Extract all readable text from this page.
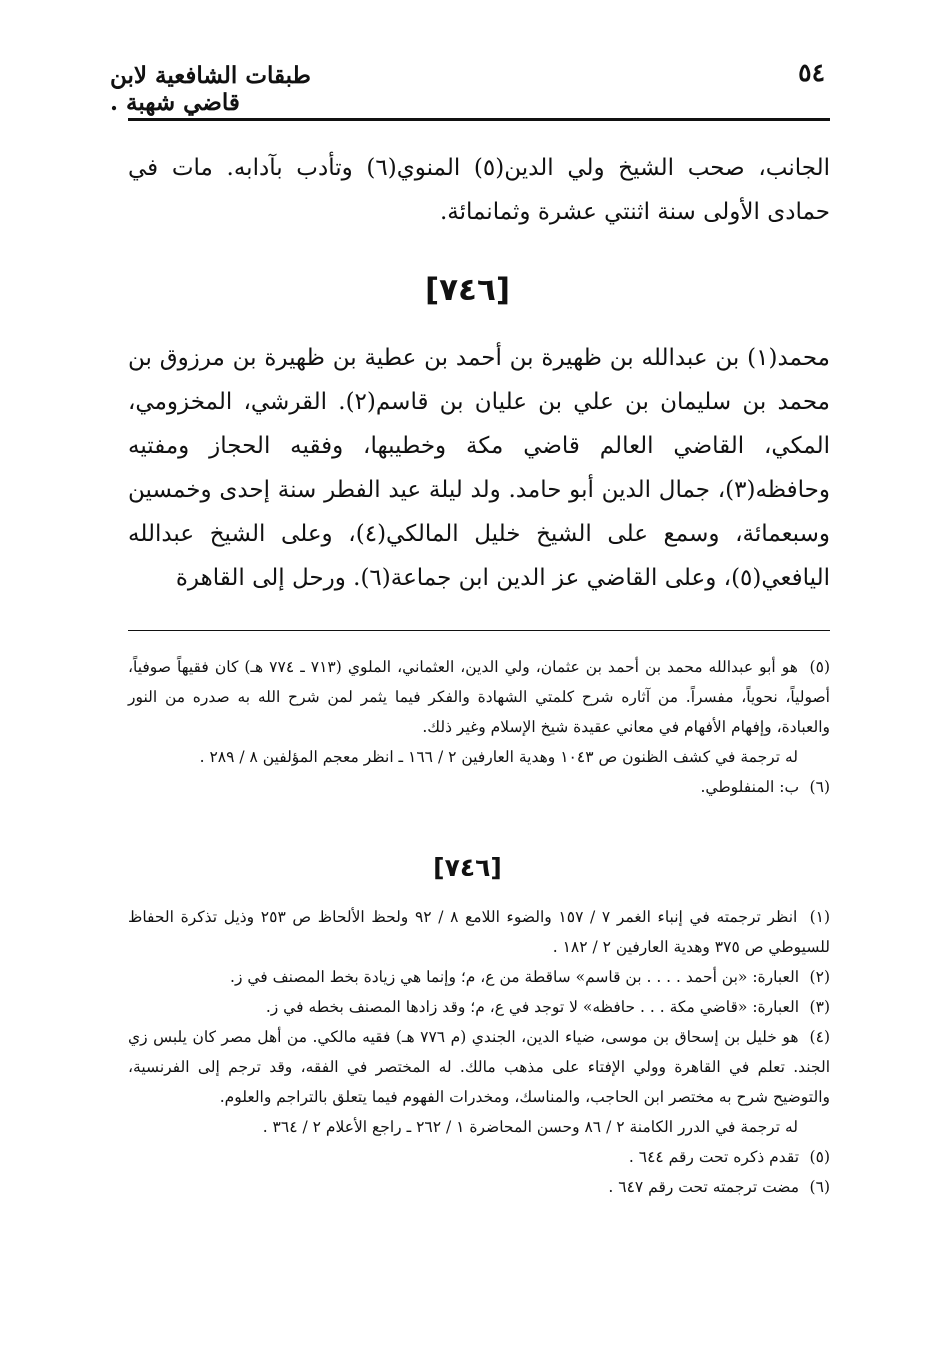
٥٤
طبقات الشافعية لابن قاضي شهبة .

الجانب، صحب الشيخ ولي الدين(٥) المنوي(٦) وتأدب بآدابه. مات في حمادى الأولى سنة اثنتي عشرة وثمانمائة.

[٧٤٦]

محمد(١) بن عبدالله بن ظهيرة بن أحمد بن عطية بن ظهيرة بن مرزوق بن محمد بن سليمان بن علي بن عليان بن قاسم(٢). القرشي، المخزومي، المكي، القاضي العالم قاضي مكة وخطيبها، وفقيه الحجاز ومفتيه وحافظه(٣)، جمال الدين أبو حامد. ولد ليلة عيد الفطر سنة إحدى وخمسين وسبعمائة، وسمع على الشيخ خليل المالكي(٤)، وعلى الشيخ عبدالله اليافعي(٥)، وعلى القاضي عز الدين ابن جماعة(٦). ورحل إلى القاهرة

(٥) هو أبو عبدالله محمد بن أحمد بن عثمان، ولي الدين، العثماني، الملوي (٧١٣ ـ ٧٧٤ هـ) كان فقيهاً صوفياً، أصولياً، نحوياً، مفسراً. من آثاره شرح كلمتي الشهادة والفكر فيما يثمر لمن شرح الله به صدره من النور والعبادة، وإفهام الأفهام في معاني عقيدة شيخ الإسلام وغير ذلك.
له ترجمة في كشف الظنون ص ١٠٤٣ وهدية العارفين ٢ / ١٦٦ ـ انظر معجم المؤلفين ٨ / ٢٨٩ .
(٦) ب: المنفلوطي.
[٧٤٦]
(١) انظر ترجمته في إنباء الغمر ٧ / ١٥٧ والضوء اللامع ٨ / ٩٢ ولحظ الألحاظ ص ٢٥٣ وذيل تذكرة الحفاظ للسيوطي ص ٣٧٥ وهدية العارفين ٢ / ١٨٢ .
(٢) العبارة: «بن أحمد . . . . بن قاسم» ساقطة من ع، م؛ وإنما هي زيادة بخط المصنف في ز.
(٣) العبارة: «قاضي مكة . . . حافظه» لا توجد في ع، م؛ وقد زادها المصنف بخطه في ز.
(٤) هو خليل بن إسحاق بن موسى، ضياء الدين، الجندي (م ٧٧٦ هـ) فقيه مالكي. من أهل مصر كان يلبس زي الجند. تعلم في القاهرة وولي الإفتاء على مذهب مالك. له المختصر في الفقه، وقد ترجم إلى الفرنسية، والتوضيح شرح به مختصر ابن الحاجب، والمناسك، ومخدرات الفهوم فيما يتعلق بالتراجم والعلوم.
له ترجمة في الدرر الكامنة ٢ / ٨٦ وحسن المحاضرة ١ / ٢٦٢ ـ راجع الأعلام ٢ / ٣٦٤ .
(٥) تقدم ذكره تحت رقم ٦٤٤ .
(٦) مضت ترجمته تحت رقم ٦٤٧ .
